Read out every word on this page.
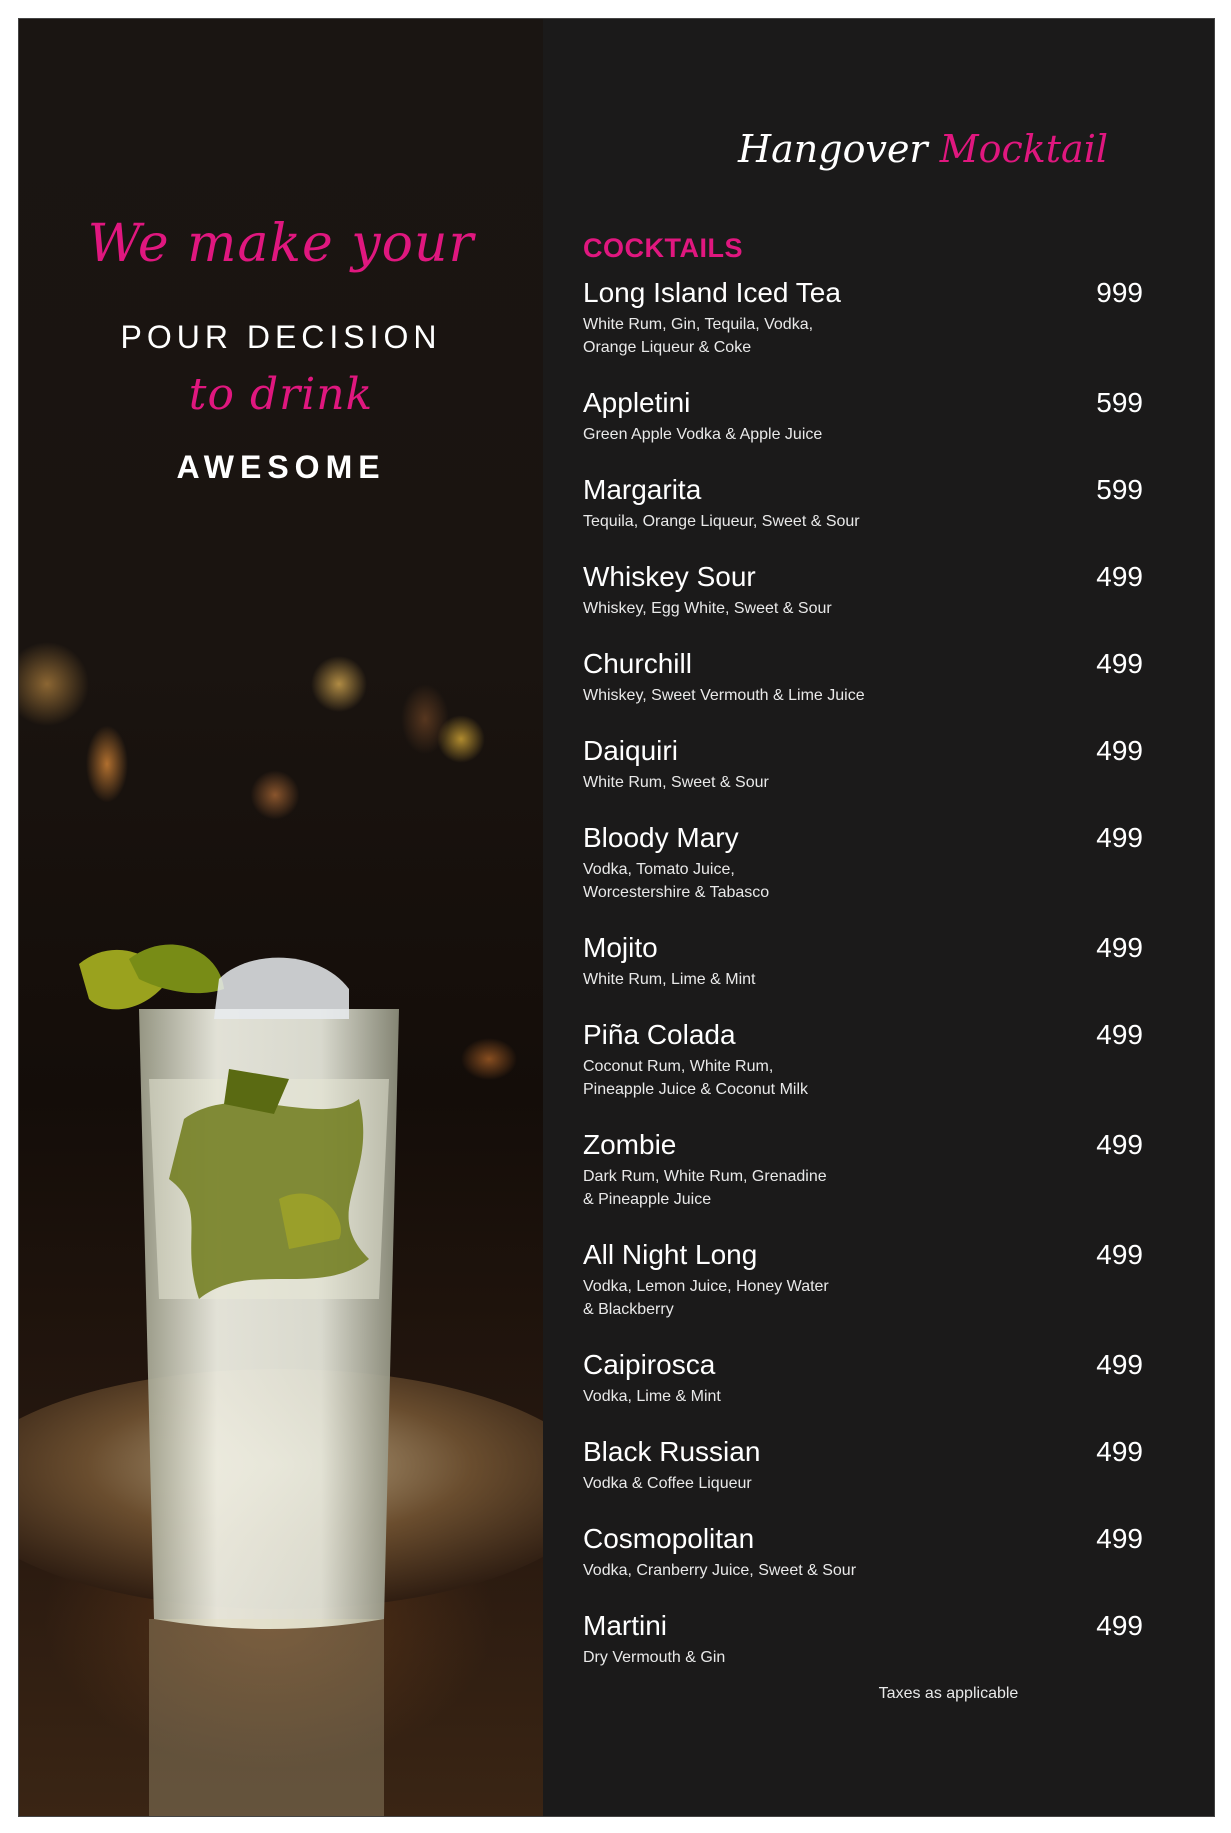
We make your
POUR DECISION
to drink
AWESOME
Hangover Mocktail
COCKTAILS
Long Island Iced Tea	999
White Rum, Gin, Tequila, Vodka,
Orange Liqueur & Coke
Appletini	599
Green Apple Vodka & Apple Juice
Margarita	599
Tequila, Orange Liqueur, Sweet & Sour
Whiskey Sour	499
Whiskey, Egg White, Sweet & Sour
Churchill	499
Whiskey, Sweet Vermouth & Lime Juice
Daiquiri	499
White Rum, Sweet & Sour
Bloody Mary	499
Vodka, Tomato Juice,
Worcestershire & Tabasco
Mojito	499
White Rum, Lime & Mint
Piña Colada	499
Coconut Rum, White Rum,
Pineapple Juice & Coconut Milk
Zombie	499
Dark Rum, White Rum, Grenadine
& Pineapple Juice
All Night Long	499
Vodka, Lemon Juice, Honey Water
& Blackberry
Caipirosca	499
Vodka, Lime & Mint
Black Russian	499
Vodka & Coffee Liqueur
Cosmopolitan	499
Vodka, Cranberry Juice, Sweet & Sour
Martini	499
Dry Vermouth & Gin
Taxes as applicable
